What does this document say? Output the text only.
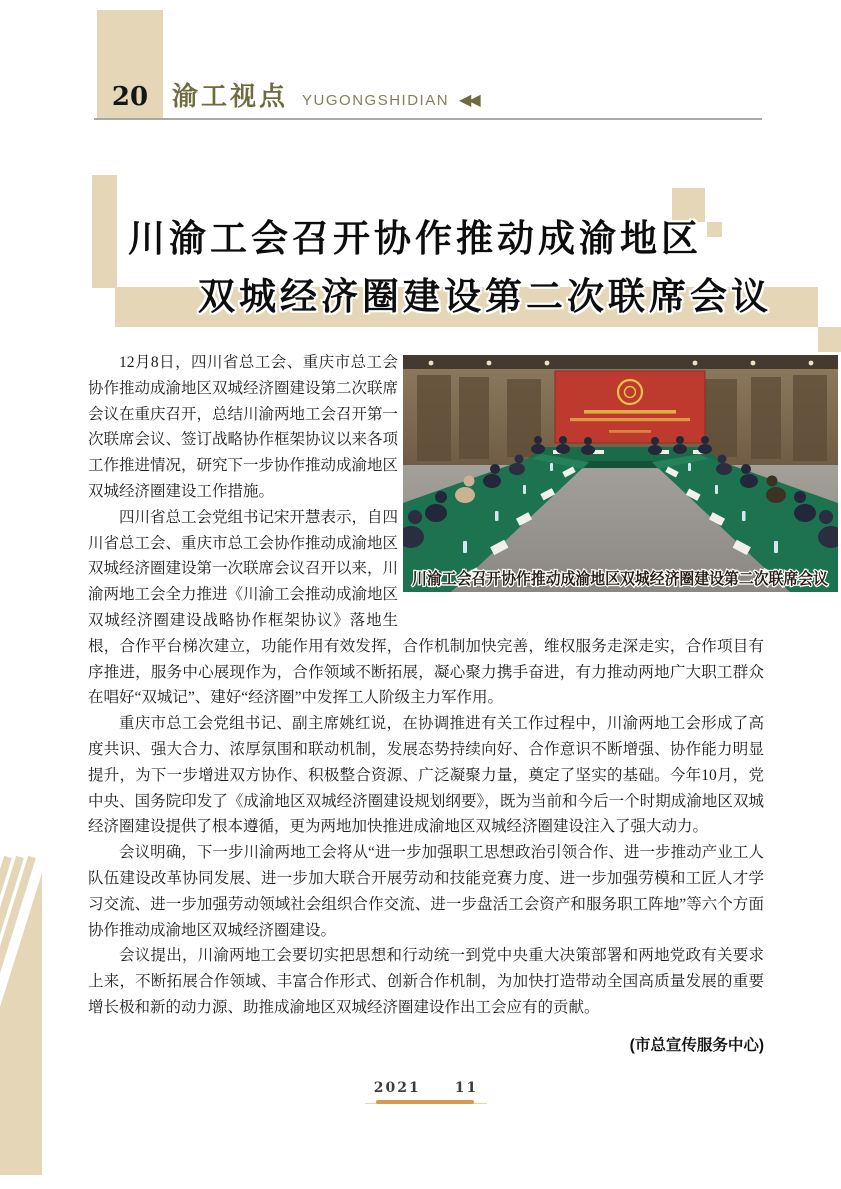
20 渝工视点 YUGONGSHIDIAN ◀◀
川渝工会召开协作推动成渝地区
双城经济圈建设第二次联席会议
川渝工会召开协作推动成渝地区双城经济圈建设第二次联席会议

12月8日，四川省总工会、重庆市总工会协作推动成渝地区双城经济圈建设第二次联席会议在重庆召开，总结川渝两地工会召开第一次联席会议、签订战略协作框架协议以来各项工作推进情况，研究下一步协作推动成渝地区双城经济圈建设工作措施。

四川省总工会党组书记宋开慧表示，自四川省总工会、重庆市总工会协作推动成渝地区双城经济圈建设第一次联席会议召开以来，川渝两地工会全力推进《川渝工会推动成渝地区双城经济圈建设战略协作框架协议》落地生根，合作平台梯次建立，功能作用有效发挥，合作机制加快完善，维权服务走深走实，合作项目有序推进，服务中心展现作为，合作领域不断拓展，凝心聚力携手奋进，有力推动两地广大职工群众在唱好“双城记”、建好“经济圈”中发挥工人阶级主力军作用。

重庆市总工会党组书记、副主席姚红说，在协调推进有关工作过程中，川渝两地工会形成了高度共识、强大合力、浓厚氛围和联动机制，发展态势持续向好、合作意识不断增强、协作能力明显提升，为下一步增进双方协作、积极整合资源、广泛凝聚力量，奠定了坚实的基础。今年10月，党中央、国务院印发了《成渝地区双城经济圈建设规划纲要》，既为当前和今后一个时期成渝地区双城经济圈建设提供了根本遵循，更为两地加快推进成渝地区双城经济圈建设注入了强大动力。

会议明确，下一步川渝两地工会将从“进一步加强职工思想政治引领合作、进一步推动产业工人队伍建设改革协同发展、进一步加大联合开展劳动和技能竞赛力度、进一步加强劳模和工匠人才学习交流、进一步加强劳动领域社会组织合作交流、进一步盘活工会资产和服务职工阵地”等六个方面协作推动成渝地区双城经济圈建设。

会议提出，川渝两地工会要切实把思想和行动统一到党中央重大决策部署和两地党政有关要求上来，不断拓展合作领域、丰富合作形式、创新合作机制，为加快打造带动全国高质量发展的重要增长极和新的动力源、助推成渝地区双城经济圈建设作出工会应有的贡献。

(市总宣传服务中心)

2021 11
